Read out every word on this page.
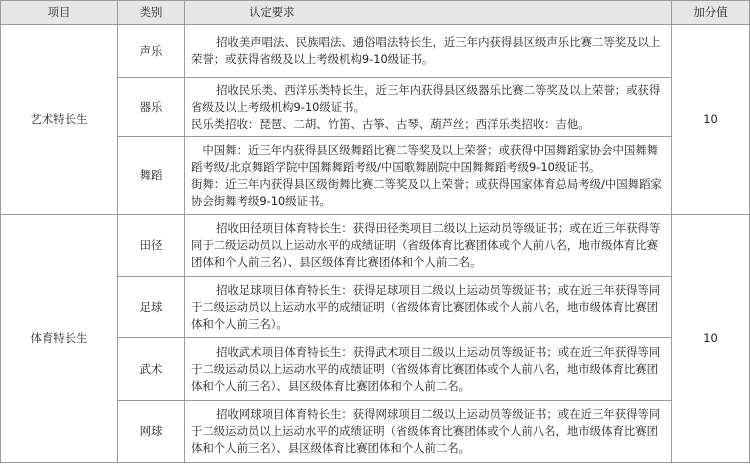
项目	类别	认定要求	加分值
艺术特长生	声乐	招收美声唱法、民族唱法、通俗唱法特长生，近三年内获得县区级声乐比赛二等奖及以上荣誉；或获得省级及以上考级机构9-10级证书。	10
	器乐	招收民乐类、西洋乐类特长生，近三年内获得县区级器乐比赛二等奖及以上荣誉；或获得省级及以上考级机构9-10级证书。

民乐类招收：琵琶、二胡、竹笛、古筝、古琴、葫芦丝；西洋乐类招收：吉他。	

	舞蹈	中国舞：近三年内获得县区级舞蹈比赛二等奖及以上荣誉；或获得中国舞蹈家协会中国舞舞蹈考级/北京舞蹈学院中国舞舞蹈考级/中国歌舞剧院中国舞舞蹈考级9-10级证书。

街舞：近三年内获得县区级街舞比赛二等奖及以上荣誉；或获得国家体育总局考级/中国舞蹈家协会街舞考级9-10级证书。	

体育特长生	田径	招收田径项目体育特长生：获得田径类项目二级以上运动员等级证书；或在近三年获得等同于二级运动员以上运动水平的成绩证明（省级体育比赛团体或个人前八名，地市级体育比赛团体和个人前三名）、县区级体育比赛团体和个人前二名。	10
	足球	招收足球项目体育特长生：获得足球项目二级以上运动员等级证书；或在近三年获得等同于二级运动员以上运动水平的成绩证明（省级体育比赛团体或个人前八名，地市级体育比赛团体和个人前三名）。	

	武术	招收武术项目体育特长生：获得武术项目二级以上运动员等级证书；或在近三年获得等同于二级运动员以上运动水平的成绩证明（省级体育比赛团体或个人前八名，地市级体育比赛团体和个人前三名）、县区级体育比赛团体和个人前二名。	

	网球	招收网球项目体育特长生：获得网球项目二级以上运动员等级证书；或在近三年获得等同于二级运动员以上运动水平的成绩证明（省级体育比赛团体或个人前八名，地市级体育比赛团体和个人前三名）、县区级体育比赛团体和个人前二名。	
